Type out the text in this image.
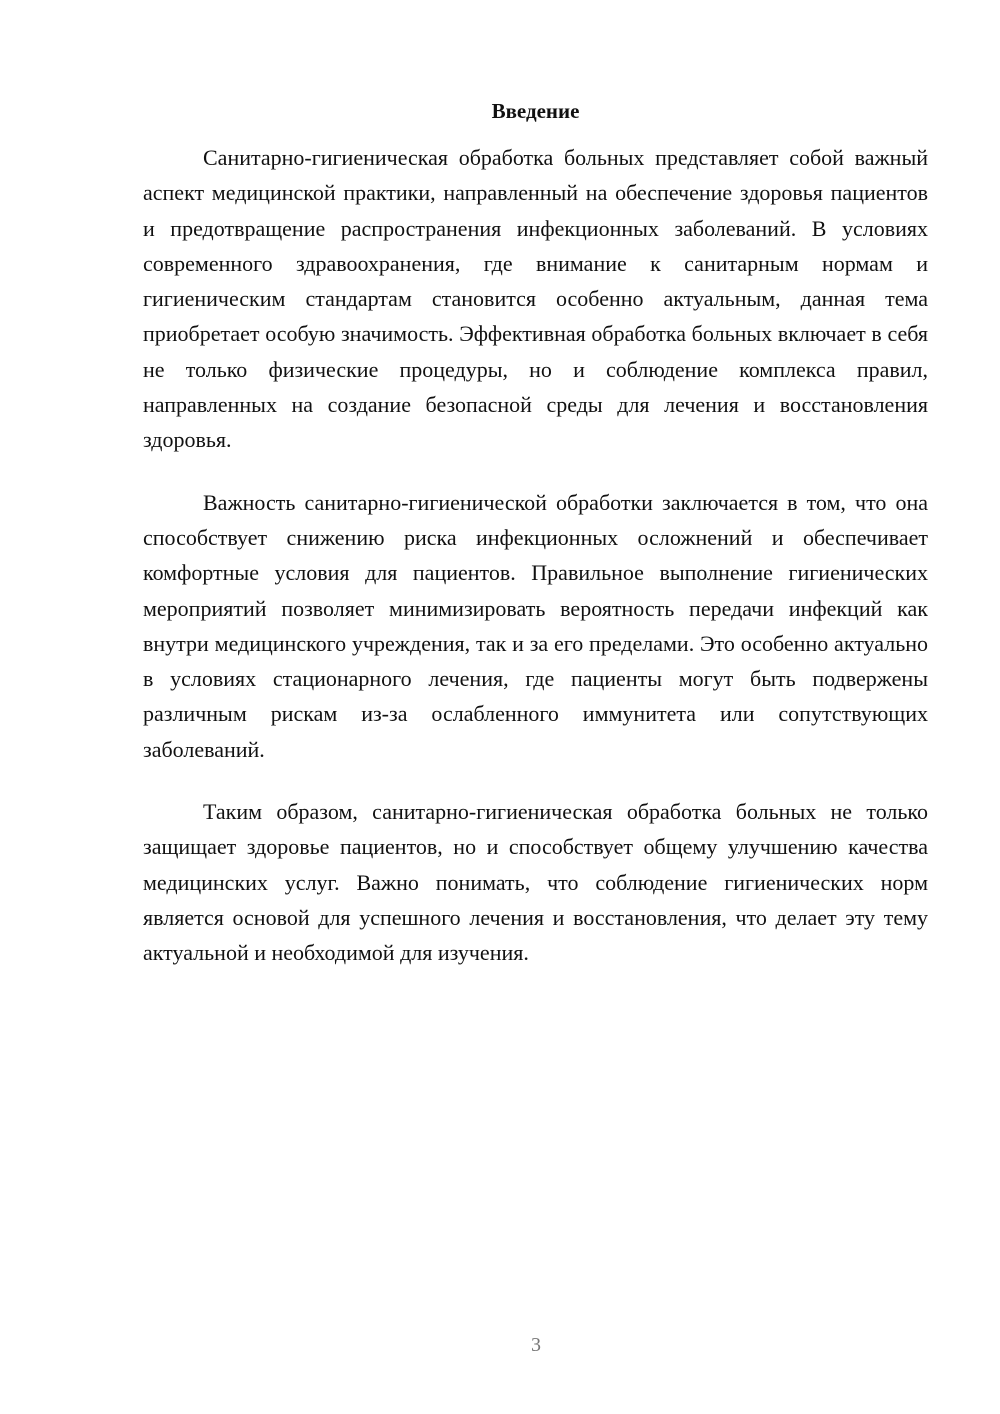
Введение

Санитарно-гигиеническая обработка больных представляет собой важный аспект медицинской практики, направленный на обеспечение здоровья пациентов и предотвращение распространения инфекционных заболеваний. В условиях современного здравоохранения, где внимание к санитарным нормам и гигиеническим стандартам становится особенно актуальным, данная тема приобретает особую значимость. Эффективная обработка больных включает в себя не только физические процедуры, но и соблюдение комплекса правил, направленных на создание безопасной среды для лечения и восстановления здоровья.

Важность санитарно-гигиенической обработки заключается в том, что она способствует снижению риска инфекционных осложнений и обеспечивает комфортные условия для пациентов. Правильное выполнение гигиенических мероприятий позволяет минимизировать вероятность передачи инфекций как внутри медицинского учреждения, так и за его пределами. Это особенно актуально в условиях стационарного лечения, где пациенты могут быть подвержены различным рискам из-за ослабленного иммунитета или сопутствующих заболеваний.

Таким образом, санитарно-гигиеническая обработка больных не только защищает здоровье пациентов, но и способствует общему улучшению качества медицинских услуг. Важно понимать, что соблюдение гигиенических норм является основой для успешного лечения и восстановления, что делает эту тему актуальной и необходимой для изучения.

3
